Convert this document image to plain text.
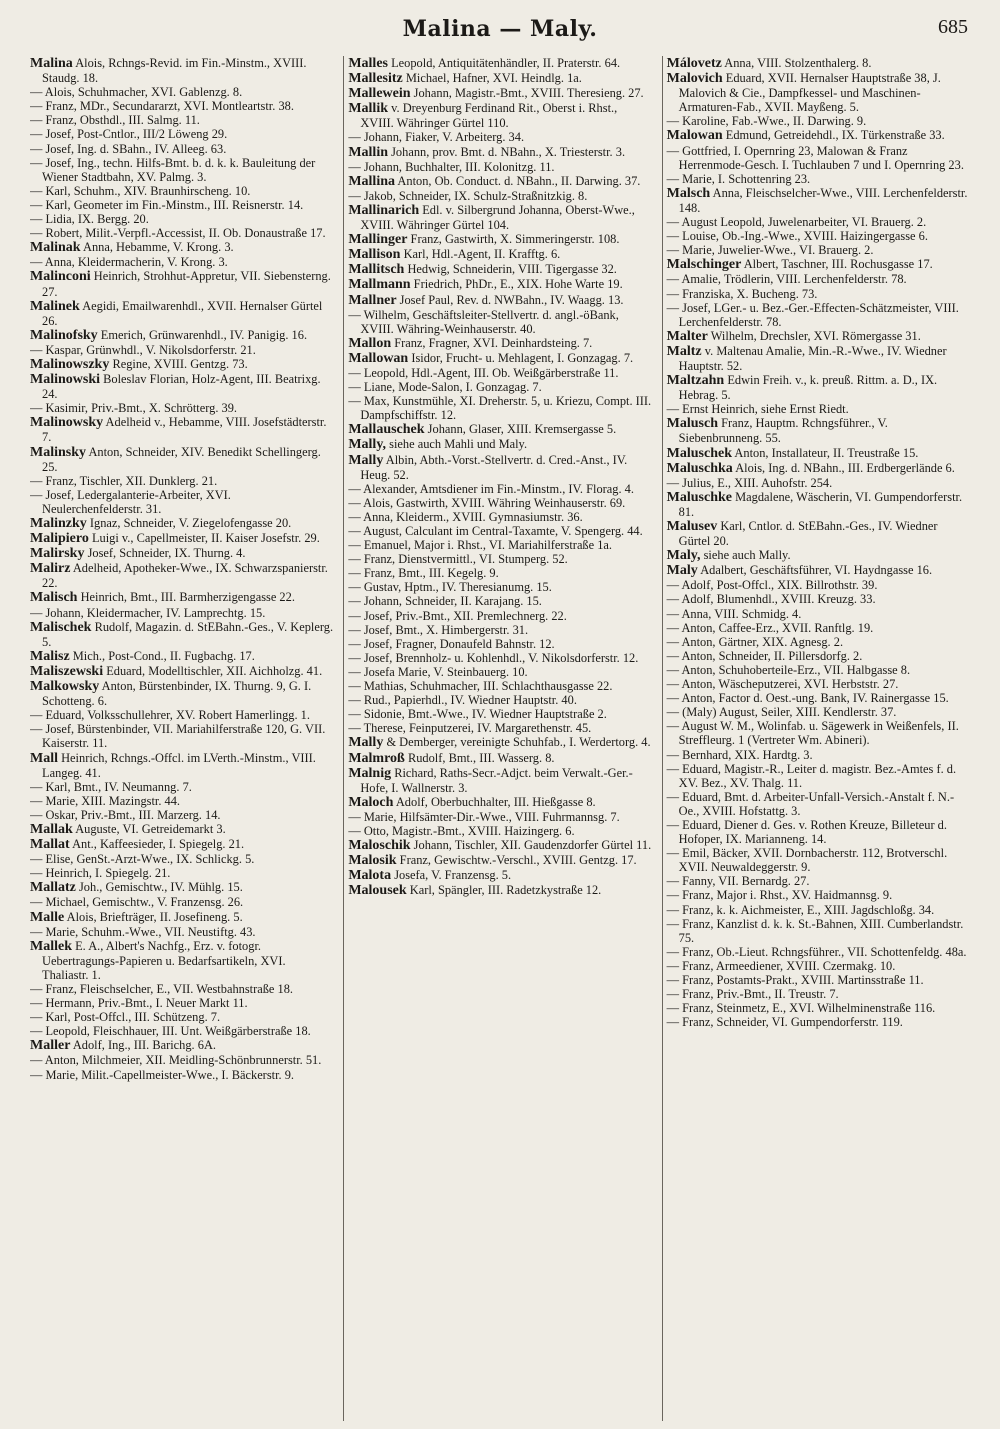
Malina — Maly.	685

Malina Alois, Rchngs-Revid. im Fin.-Minstm., XVIII. Staudg. 18.

— Alois, Schuhmacher, XVI. Gablenzg. 8.

— Franz, MDr., Secundararzt, XVI. Montleartstr. 38.

— Franz, Obsthdl., III. Salmg. 11.

— Josef, Post-Cntlor., III/2 Löweng 29.

— Josef, Ing. d. SBahn., IV. Alleeg. 63.

— Josef, Ing., techn. Hilfs-Bmt. b. d. k. k. Bauleitung der Wiener Stadtbahn, XV. Palmg. 3.

— Karl, Schuhm., XIV. Braunhirscheng. 10.

— Karl, Geometer im Fin.-Minstm., III. Reisnerstr. 14.

— Lidia, IX. Bergg. 20.

— Robert, Milit.-Verpfl.-Accessist, II. Ob. Donaustraße 17.

Malinak Anna, Hebamme, V. Krong. 3.

— Anna, Kleidermacherin, V. Krong. 3.

Malinconi Heinrich, Strohhut-Appretur, VII. Siebensterng. 27.

Malinek Aegidi, Emailwarenhdl., XVII. Hernalser Gürtel 26.

Malinofsky Emerich, Grünwarenhdl., IV. Panigig. 16.

— Kaspar, Grünwhdl., V. Nikolsdorferstr. 21.

Malinowszky Regine, XVIII. Gentzg. 73.

Malinowski Boleslav Florian, Holz-Agent, III. Beatrixg. 24.

— Kasimir, Priv.-Bmt., X. Schrötterg. 39.

Malinowsky Adelheid v., Hebamme, VIII. Josefstädterstr. 7.

Malinsky Anton, Schneider, XIV. Benedikt Schellingerg. 25.

— Franz, Tischler, XII. Dunklerg. 21.

— Josef, Ledergalanterie-Arbeiter, XVI. Neulerchenfelderstr. 31.

Malinzky Ignaz, Schneider, V. Ziegelofengasse 20.

Malipiero Luigi v., Capellmeister, II. Kaiser Josefstr. 29.

Malirsky Josef, Schneider, IX. Thurng. 4.

Malirz Adelheid, Apotheker-Wwe., IX. Schwarzspanierstr. 22.

Malisch Heinrich, Bmt., III. Barmherzigengasse 22.

— Johann, Kleidermacher, IV. Lamprechtg. 15.

Malischek Rudolf, Magazin. d. StEBahn.-Ges., V. Keplerg. 5.

Malisz Mich., Post-Cond., II. Fugbachg. 17.

Maliszewski Eduard, Modelltischler, XII. Aichholzg. 41.

Malkowsky Anton, Bürstenbinder, IX. Thurng. 9, G. I. Schotteng. 6.

— Eduard, Volksschullehrer, XV. Robert Hamerlingg. 1.

— Josef, Bürstenbinder, VII. Mariahilferstraße 120, G. VII. Kaiserstr. 11.

Mall Heinrich, Rchngs.-Offcl. im LVerth.-Minstm., VIII. Langeg. 41.

— Karl, Bmt., IV. Neumanng. 7.

— Marie, XIII. Mazingstr. 44.

— Oskar, Priv.-Bmt., III. Marzerg. 14.

Mallak Auguste, VI. Getreidemarkt 3.

Mallat Ant., Kaffeesieder, I. Spiegelg. 21.

— Elise, GenSt.-Arzt-Wwe., IX. Schlickg. 5.

— Heinrich, I. Spiegelg. 21.

Mallatz Joh., Gemischtw., IV. Mühlg. 15.

— Michael, Gemischtw., V. Franzensg. 26.

Malle Alois, Briefträger, II. Josefineng. 5.

— Marie, Schuhm.-Wwe., VII. Neustiftg. 43.

Mallek E. A., Albert's Nachfg., Erz. v. fotogr. Uebertragungs-Papieren u. Bedarfsartikeln, XVI. Thaliastr. 1.

— Franz, Fleischselcher, E., VII. Westbahnstraße 18.

— Hermann, Priv.-Bmt., I. Neuer Markt 11.

— Karl, Post-Offcl., III. Schützeng. 7.

— Leopold, Fleischhauer, III. Unt. Weißgärberstraße 18.

Maller Adolf, Ing., III. Barichg. 6A.

— Anton, Milchmeier, XII. Meidling-Schönbrunnerstr. 51.

— Marie, Milit.-Capellmeister-Wwe., I. Bäckerstr. 9.

Malles Leopold, Antiquitätenhändler, II. Praterstr. 64.

Mallesitz Michael, Hafner, XVI. Heindlg. 1a.

Mallewein Johann, Magistr.-Bmt., XVIII. Theresieng. 27.

Mallik v. Dreyenburg Ferdinand Rit., Oberst i. Rhst., XVIII. Währinger Gürtel 110.

— Johann, Fiaker, V. Arbeiterg. 34.

Mallin Johann, prov. Bmt. d. NBahn., X. Triesterstr. 3.

— Johann, Buchhalter, III. Kolonitzg. 11.

Mallina Anton, Ob. Conduct. d. NBahn., II. Darwing. 37.

— Jakob, Schneider, IX. Schulz-Straßnitzkig. 8.

Mallinarich Edl. v. Silbergrund Johanna, Oberst-Wwe., XVIII. Währinger Gürtel 104.

Mallinger Franz, Gastwirth, X. Simmeringerstr. 108.

Mallison Karl, Hdl.-Agent, II. Krafftg. 6.

Mallitsch Hedwig, Schneiderin, VIII. Tigergasse 32.

Mallmann Friedrich, PhDr., E., XIX. Hohe Warte 19.

Mallner Josef Paul, Rev. d. NWBahn., IV. Waagg. 13.

— Wilhelm, Geschäftsleiter-Stellvertr. d. angl.-öBank, XVIII. Währing-Weinhauserstr. 40.

Mallon Franz, Fragner, XVI. Deinhardsteing. 7.

Mallowan Isidor, Frucht- u. Mehlagent, I. Gonzagag. 7.

— Leopold, Hdl.-Agent, III. Ob. Weißgärberstraße 11.

— Liane, Mode-Salon, I. Gonzagag. 7.

— Max, Kunstmühle, XI. Dreherstr. 5, u. Kriezu, Compt. III. Dampfschiffstr. 12.

Mallauschek Johann, Glaser, XIII. Kremsergasse 5.

Mally, siehe auch Mahli und Maly.

Mally Albin, Abth.-Vorst.-Stellvertr. d. Cred.-Anst., IV. Heug. 52.

— Alexander, Amtsdiener im Fin.-Minstm., IV. Florag. 4.

— Alois, Gastwirth, XVIII. Währing Weinhauserstr. 69.

— Anna, Kleiderm., XVIII. Gymnasiumstr. 36.

— August, Calculant im Central-Taxamte, V. Spengerg. 44.

— Emanuel, Major i. Rhst., VI. Mariahilferstraße 1a.

— Franz, Dienstvermittl., VI. Stumperg. 52.

— Franz, Bmt., III. Kegelg. 9.

— Gustav, Hptm., IV. Theresianumg. 15.

— Johann, Schneider, II. Karajang. 15.

— Josef, Priv.-Bmt., XII. Premlechnerg. 22.

— Josef, Bmt., X. Himbergerstr. 31.

— Josef, Fragner, Donaufeld Bahnstr. 12.

— Josef, Brennholz- u. Kohlenhdl., V. Nikolsdorferstr. 12.

— Josefa Marie, V. Steinbauerg. 10.

— Mathias, Schuhmacher, III. Schlachthausgasse 22.

— Rud., Papierhdl., IV. Wiedner Hauptstr. 40.

— Sidonie, Bmt.-Wwe., IV. Wiedner Hauptstraße 2.

— Therese, Feinputzerei, IV. Margarethenstr. 45.

Mally & Demberger, vereinigte Schuhfab., I. Werdertorg. 4.

Malmroß Rudolf, Bmt., III. Wasserg. 8.

Malnig Richard, Raths-Secr.-Adjct. beim Verwalt.-Ger.-Hofe, I. Wallnerstr. 3.

Maloch Adolf, Oberbuchhalter, III. Hießgasse 8.

— Marie, Hilfsämter-Dir.-Wwe., VIII. Fuhrmannsg. 7.

— Otto, Magistr.-Bmt., XVIII. Haizingerg. 6.

Maloschik Johann, Tischler, XII. Gaudenzdorfer Gürtel 11.

Malosik Franz, Gewischtw.-Verschl., XVIII. Gentzg. 17.

Malota Josefa, V. Franzensg. 5.

Malousek Karl, Spängler, III. Radetzkystraße 12.

Málovetz Anna, VIII. Stolzenthalerg. 8.

Malovich Eduard, XVII. Hernalser Hauptstraße 38, J. Malovich & Cie., Dampfkessel- und Maschinen-Armaturen-Fab., XVII. Mayßeng. 5.

— Karoline, Fab.-Wwe., II. Darwing. 9.

Malowan Edmund, Getreidehdl., IX. Türkenstraße 33.

— Gottfried, I. Opernring 23, Malowan & Franz Herrenmode-Gesch. I. Tuchlauben 7 und I. Opernring 23.

— Marie, I. Schottenring 23.

Malsch Anna, Fleischselcher-Wwe., VIII. Lerchenfelderstr. 148.

— August Leopold, Juwelenarbeiter, VI. Brauerg. 2.

— Louise, Ob.-Ing.-Wwe., XVIII. Haizingergasse 6.

— Marie, Juwelier-Wwe., VI. Brauerg. 2.

Malschinger Albert, Taschner, III. Rochusgasse 17.

— Amalie, Trödlerin, VIII. Lerchenfelderstr. 78.

— Franziska, X. Bucheng. 73.

— Josef, LGer.- u. Bez.-Ger.-Effecten-Schätzmeister, VIII. Lerchenfelderstr. 78.

Malter Wilhelm, Drechsler, XVI. Römergasse 31.

Maltz v. Maltenau Amalie, Min.-R.-Wwe., IV. Wiedner Hauptstr. 52.

Maltzahn Edwin Freih. v., k. preuß. Rittm. a. D., IX. Hebrag. 5.

— Ernst Heinrich, siehe Ernst Riedt.

Malusch Franz, Hauptm. Rchngsführer., V. Siebenbrunneng. 55.

Maluschek Anton, Installateur, II. Treustraße 15.

Maluschka Alois, Ing. d. NBahn., III. Erdbergerlände 6.

— Julius, E., XIII. Auhofstr. 254.

Maluschke Magdalene, Wäscherin, VI. Gumpendorferstr. 81.

Malusev Karl, Cntlor. d. StEBahn.-Ges., IV. Wiedner Gürtel 20.

Maly, siehe auch Mally.

Maly Adalbert, Geschäftsführer, VI. Haydngasse 16.

— Adolf, Post-Offcl., XIX. Billrothstr. 39.

— Adolf, Blumenhdl., XVIII. Kreuzg. 33.

— Anna, VIII. Schmidg. 4.

— Anton, Caffee-Erz., XVII. Ranftlg. 19.

— Anton, Gärtner, XIX. Agnesg. 2.

— Anton, Schneider, II. Pillersdorfg. 2.

— Anton, Schuhoberteile-Erz., VII. Halbgasse 8.

— Anton, Wäscheputzerei, XVI. Herbststr. 27.

— Anton, Factor d. Oest.-ung. Bank, IV. Rainergasse 15.

— (Maly) August, Seiler, XIII. Kendlerstr. 37.

— August W. M., Wolinfab. u. Sägewerk in Weißenfels, II. Streffleurg. 1 (Vertreter Wm. Abineri).

— Bernhard, XIX. Hardtg. 3.

— Eduard, Magistr.-R., Leiter d. magistr. Bez.-Amtes f. d. XV. Bez., XV. Thalg. 11.

— Eduard, Bmt. d. Arbeiter-Unfall-Versich.-Anstalt f. N.-Oe., XVIII. Hofstattg. 3.

— Eduard, Diener d. Ges. v. Rothen Kreuze, Billeteur d. Hofoper, IX. Marianneng. 14.

— Emil, Bäcker, XVII. Dornbacherstr. 112, Brotverschl. XVII. Neuwaldeggerstr. 9.

— Fanny, VII. Bernardg. 27.

— Franz, Major i. Rhst., XV. Haidmannsg. 9.

— Franz, k. k. Aichmeister, E., XIII. Jagdschloßg. 34.

— Franz, Kanzlist d. k. k. St.-Bahnen, XIII. Cumberlandstr. 75.

— Franz, Ob.-Lieut. Rchngsführer., VII. Schottenfeldg. 48a.

— Franz, Armeediener, XVIII. Czermakg. 10.

— Franz, Postamts-Prakt., XVIII. Martinsstraße 11.

— Franz, Priv.-Bmt., II. Treustr. 7.

— Franz, Steinmetz, E., XVI. Wilhelminenstraße 116.

— Franz, Schneider, VI. Gumpendorferstr. 119.
